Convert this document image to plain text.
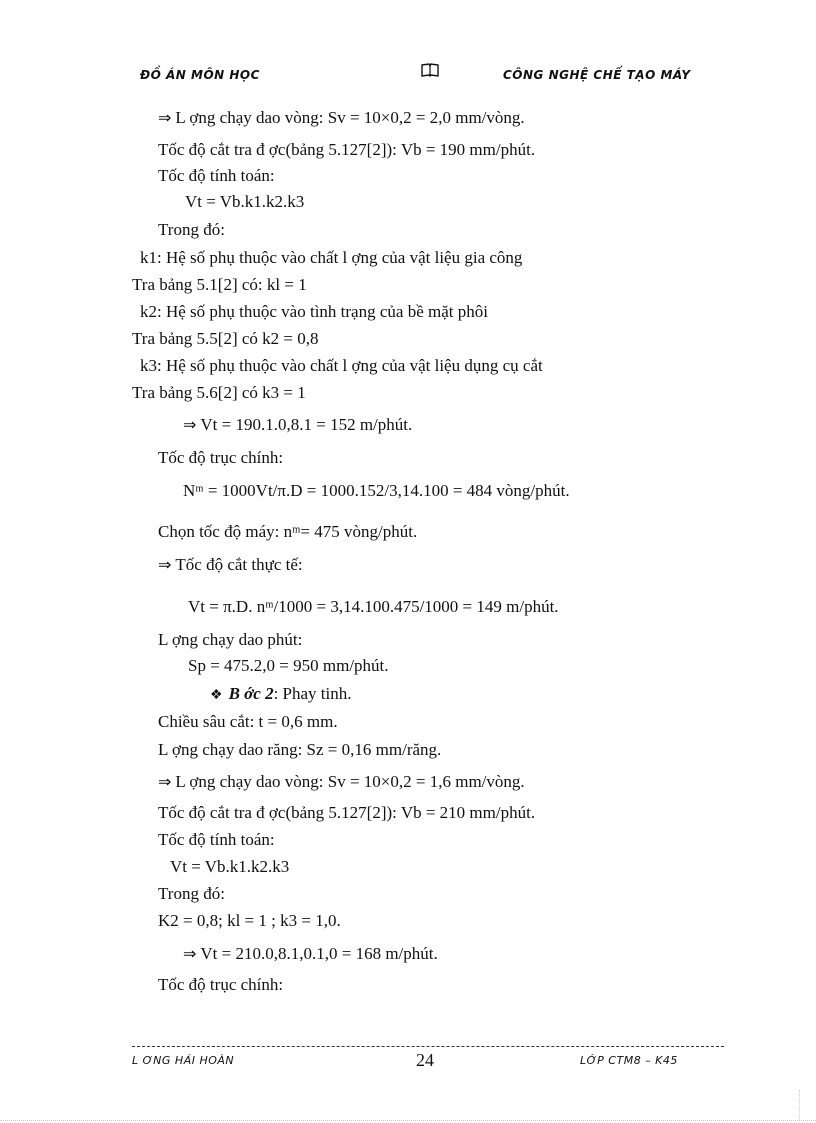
ĐỒ ÁN MÔN HỌC	CÔNG NGHỆ CHẾ TẠO MÁY
⇒ L ợng chạy dao vòng: Sv = 10×0,2 = 2,0 mm/vòng.
Tốc độ cắt tra đ ợc(bảng 5.127[2]): Vb = 190 mm/phút.
Tốc độ tính toán:
Vt = Vb.k1.k2.k3
Trong đó:
k1: Hệ số phụ thuộc vào chất l ợng của vật liệu gia công
Tra bảng 5.1[2] có: kl = 1
k2: Hệ số phụ thuộc vào tình trạng của bề mặt phôi
Tra bảng 5.5[2] có k2 = 0,8
k3: Hệ số phụ thuộc vào chất l ợng của vật liệu dụng cụ cắt
Tra bảng 5.6[2] có k3 = 1
⇒ Vt = 190.1.0,8.1 = 152 m/phút.
Tốc độ trục chính:
Nᵐ = 1000Vt/π.D = 1000.152/3,14.100 = 484 vòng/phút.
Chọn tốc độ máy: nᵐ= 475 vòng/phút.
⇒ Tốc độ cắt thực tế:
Vt = π.D. nᵐ/1000 = 3,14.100.475/1000 = 149 m/phút.
L ợng chạy dao phút:
Sp = 475.2,0 = 950 mm/phút.
❖ B ớc 2: Phay tinh.
Chiều sâu cắt: t = 0,6 mm.
L ợng chạy dao răng: Sz = 0,16 mm/răng.
⇒ L ợng chạy dao vòng: Sv = 10×0,2 = 1,6 mm/vòng.
Tốc độ cắt tra đ ợc(bảng 5.127[2]): Vb = 210 mm/phút.
Tốc độ tính toán:
Vt = Vb.k1.k2.k3
Trong đó:
K2 = 0,8; kl = 1 ; k3 = 1,0.
⇒ Vt = 210.0,8.1,0.1,0 = 168 m/phút.
Tốc độ trục chính:
L ƠNG HẢI HOÀN	24	LỚP CTM8 – K45
